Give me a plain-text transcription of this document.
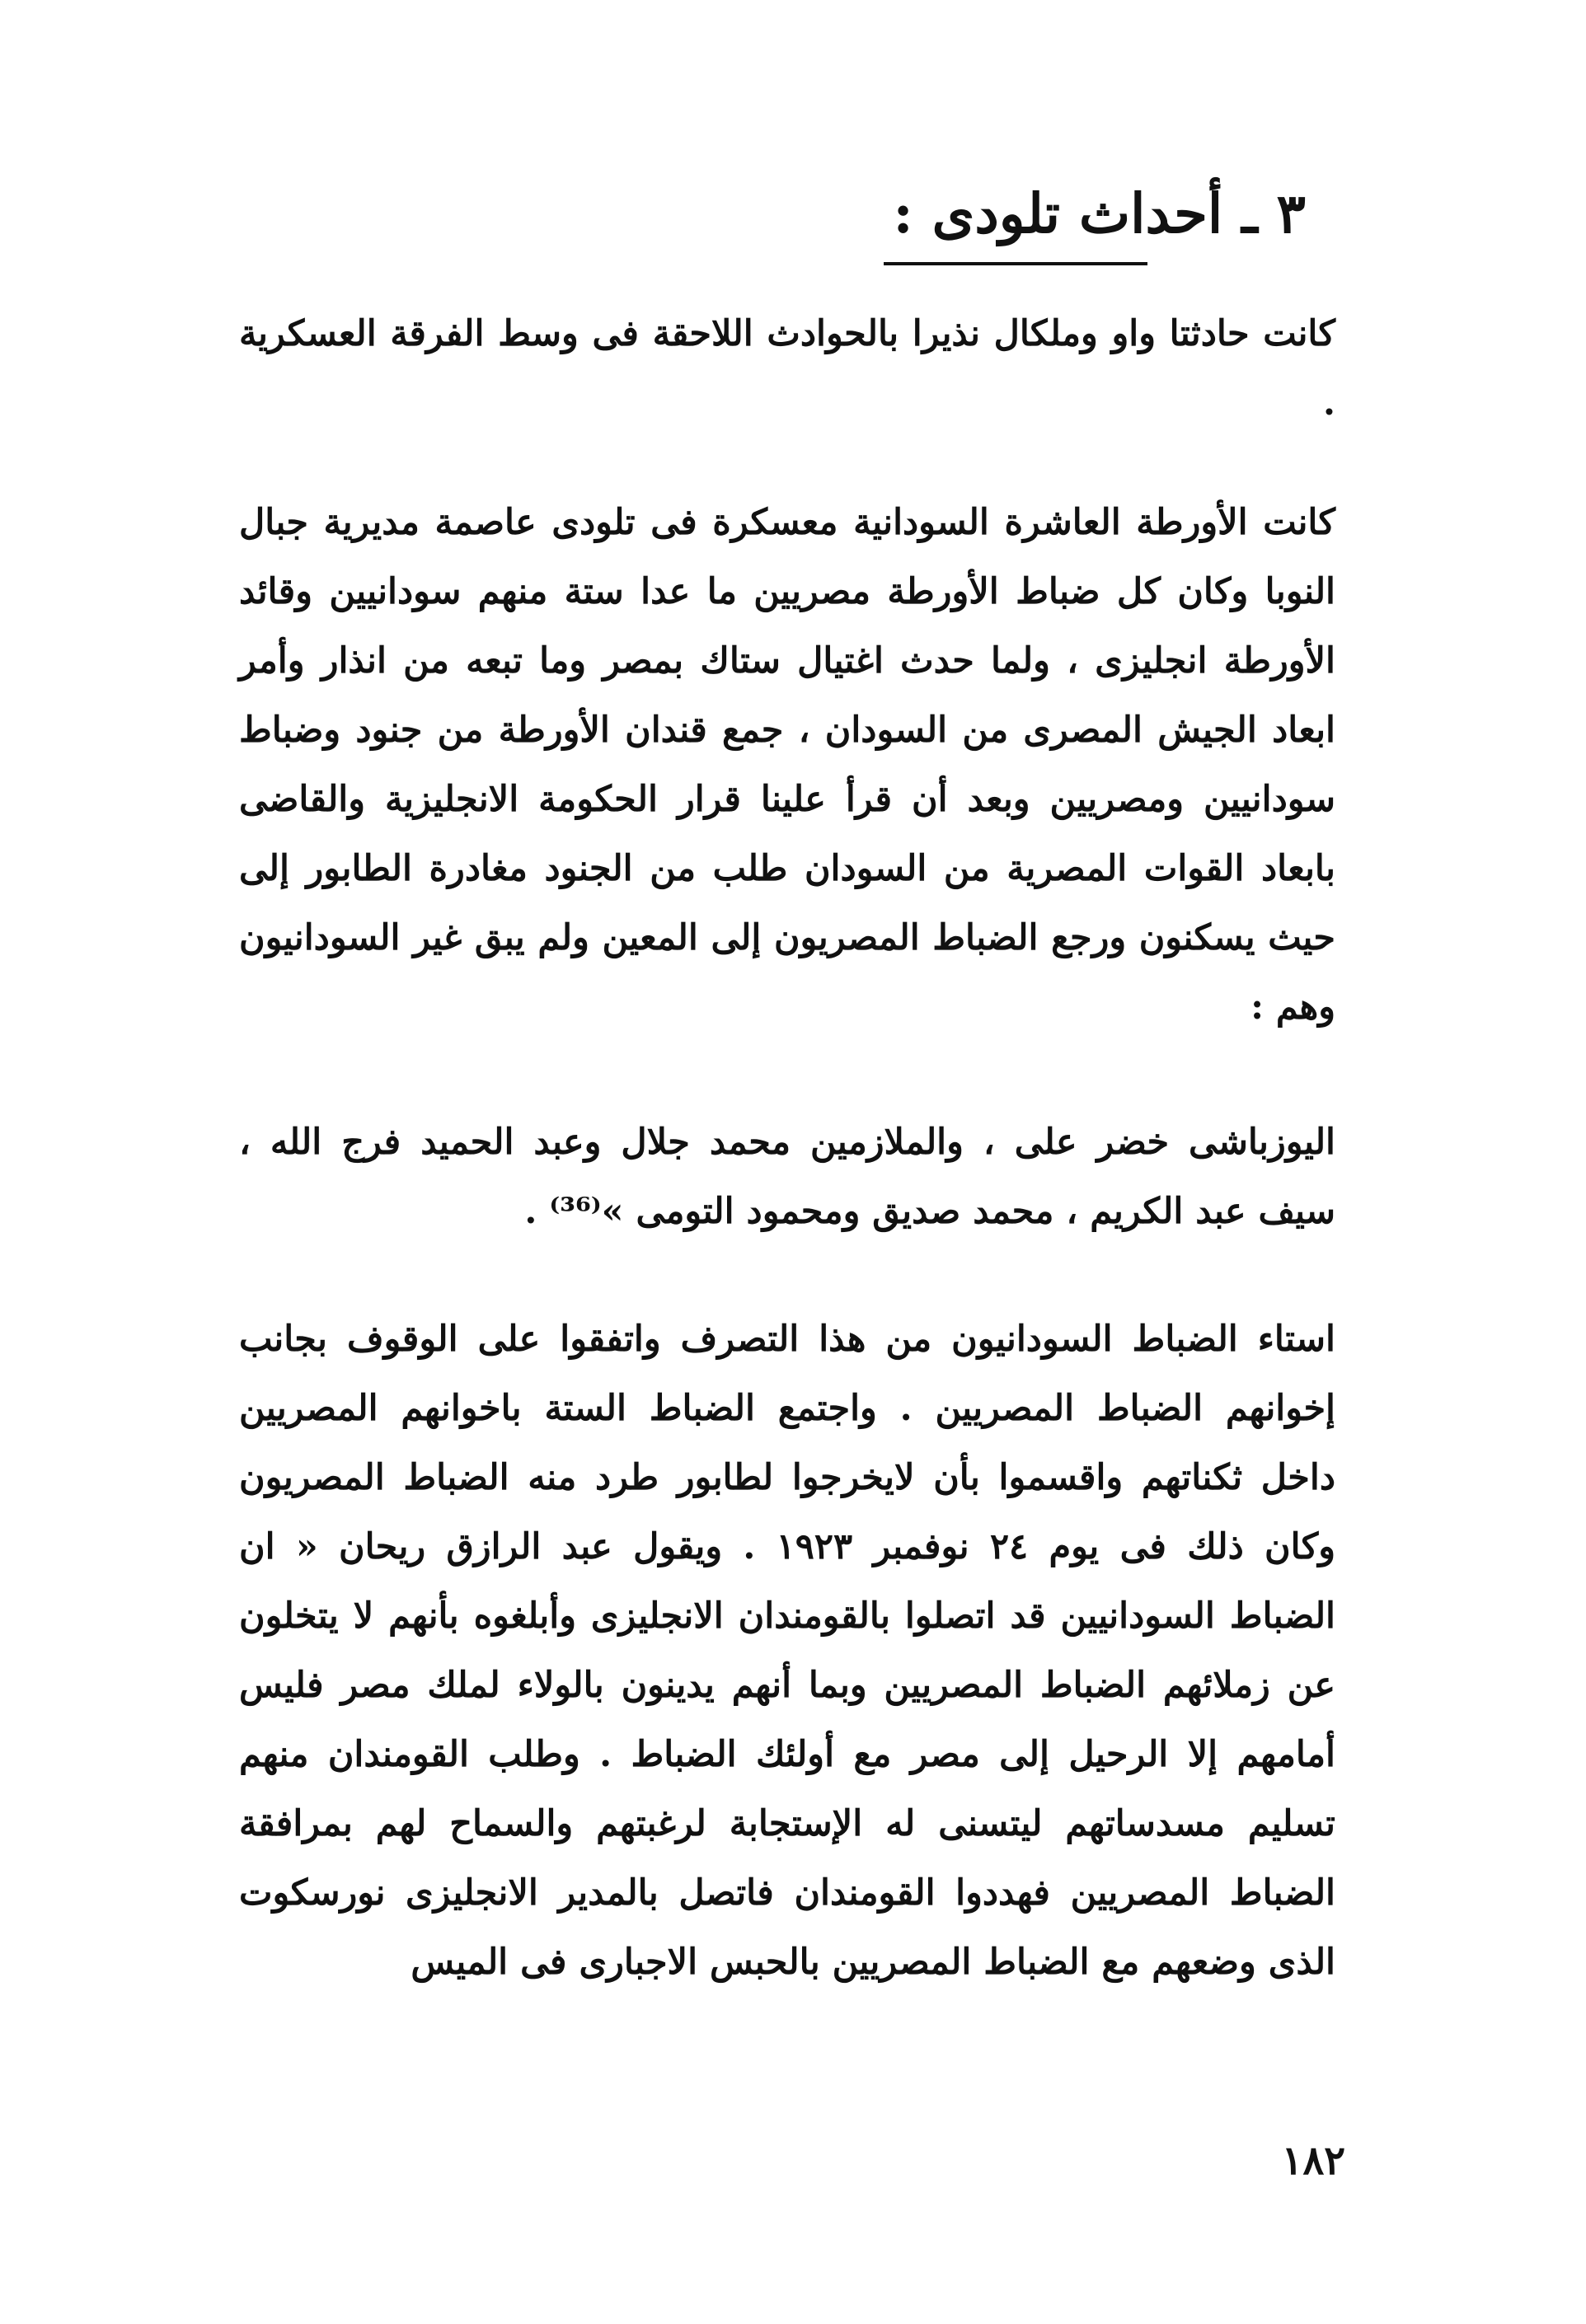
٣ ـ أحداث تلودى :

كانت حادثتا واو وملكال نذيرا بالحوادث اللاحقة فى وسط الفرقة العسكرية .

كانت الأورطة العاشرة السودانية معسكرة فى تلودى عاصمة مديرية جبال النوبا وكان كل ضباط الأورطة مصريين ما عدا ستة منهم سودانيين وقائد الأورطة انجليزى ، ولما حدث اغتيال ستاك بمصر وما تبعه من انذار وأمر ابعاد الجيش المصرى من السودان ، جمع قندان الأورطة من جنود وضباط سودانيين ومصريين وبعد أن قرأ علينا قرار الحكومة الانجليزية والقاضى بابعاد القوات المصرية من السودان طلب من الجنود مغادرة الطابور إلى حيث يسكنون ورجع الضباط المصريون إلى المعين ولم يبق غير السودانيون وهم :

اليوزباشى خضر على ، والملازمين محمد جلال وعبد الحميد فرج الله ، سيف عبد الكريم ، محمد صديق ومحمود التومى »⁽³⁶⁾ .

استاء الضباط السودانيون من هذا التصرف واتفقوا على الوقوف بجانب إخوانهم الضباط المصريين . واجتمع الضباط الستة باخوانهم المصريين داخل ثكناتهم واقسموا بأن لايخرجوا لطابور طرد منه الضباط المصريون وكان ذلك فى يوم ٢٤ نوفمبر ١٩٢٣ . ويقول عبد الرازق ريحان « ان الضباط السودانيين قد اتصلوا بالقومندان الانجليزى وأبلغوه بأنهم لا يتخلون عن زملائهم الضباط المصريين وبما أنهم يدينون بالولاء لملك مصر فليس أمامهم إلا الرحيل إلى مصر مع أولئك الضباط . وطلب القومندان منهم تسليم مسدساتهم ليتسنى له الإستجابة لرغبتهم والسماح لهم بمرافقة الضباط المصريين فهددوا القومندان فاتصل بالمدير الانجليزى نورسكوت الذى وضعهم مع الضباط المصريين بالحبس الاجبارى فى الميس

١٨٢
